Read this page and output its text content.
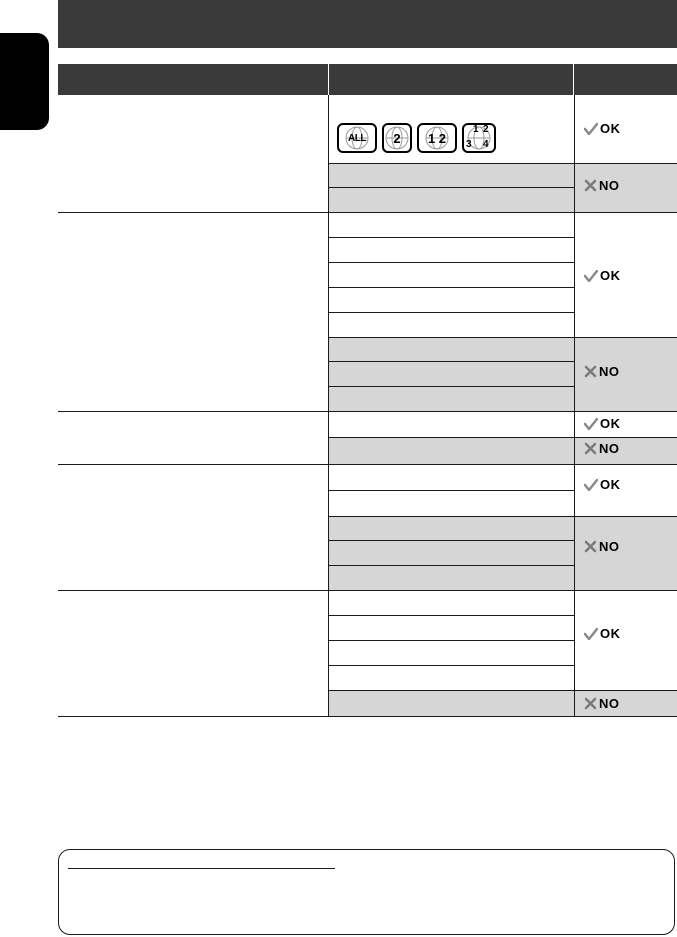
ALL	2	1 2
1 2
3 4
OK
OK
OK
OK
OK
NO
NO
NO
NO
NO
